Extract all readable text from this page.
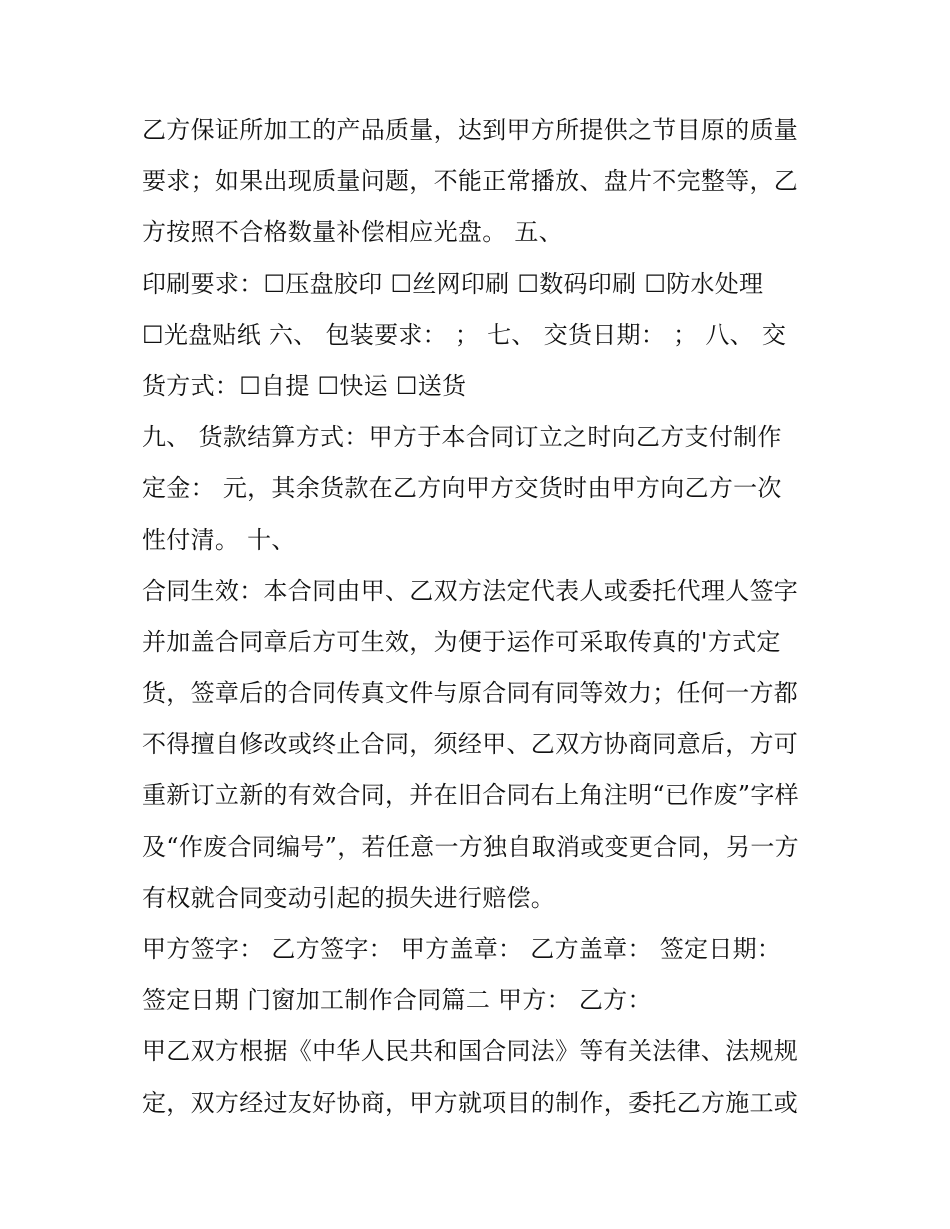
乙方保证所加工的产品质量，达到甲方所提供之节目原的质量
要求；如果出现质量问题，不能正常播放、盘片不完整等，乙
方按照不合格数量补偿相应光盘。 五、
印刷要求：☐压盘胶印 ☐丝网印刷 ☐数码印刷 ☐防水处理
☐光盘贴纸 六、 包装要求： ； 七、 交货日期： ； 八、 交
货方式：☐自提 ☐快运 ☐送货
九、 货款结算方式：甲方于本合同订立之时向乙方支付制作
定金： 元，其余货款在乙方向甲方交货时由甲方向乙方一次
性付清。 十、
合同生效：本合同由甲、乙双方法定代表人或委托代理人签字
并加盖合同章后方可生效，为便于运作可采取传真的'方式定
货，签章后的合同传真文件与原合同有同等效力；任何一方都
不得擅自修改或终止合同，须经甲、乙双方协商同意后，方可
重新订立新的有效合同，并在旧合同右上角注明“已作废”字样
及“作废合同编号”，若任意一方独自取消或变更合同，另一方
有权就合同变动引起的损失进行赔偿。
甲方签字： 乙方签字： 甲方盖章： 乙方盖章： 签定日期：
签定日期 门窗加工制作合同篇二 甲方： 乙方：
甲乙双方根据《中华人民共和国合同法》等有关法律、法规规
定，双方经过友好协商，甲方就项目的制作，委托乙方施工或
